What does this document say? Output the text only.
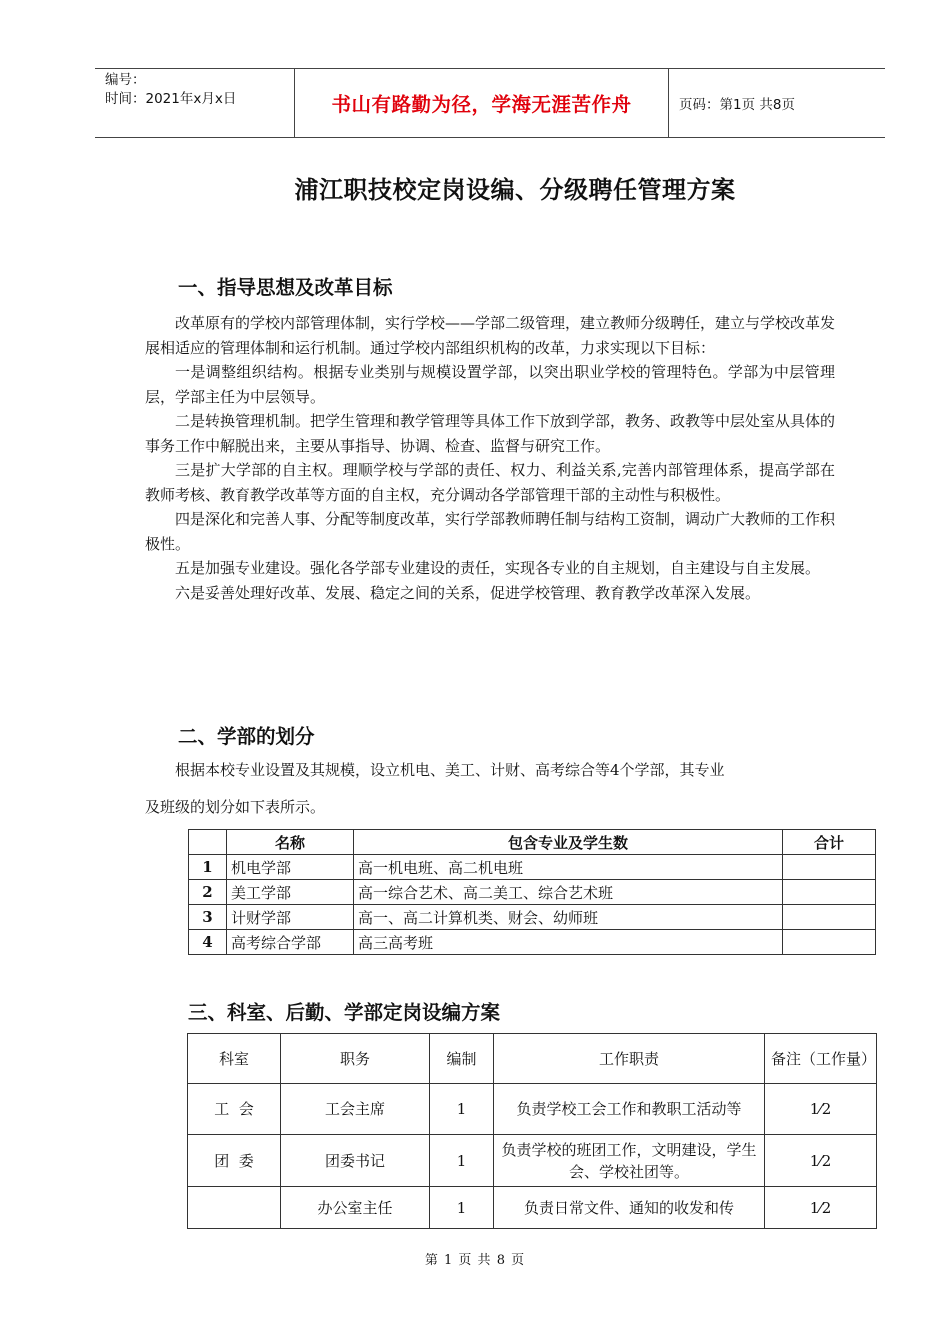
编号：
时间：2021年x月x日	书山有路勤为径，学海无涯苦作舟	页码：第1页 共8页
浦江职技校定岗设编、分级聘任管理方案
一、指导思想及改革目标

改革原有的学校内部管理体制，实行学校——学部二级管理，建立教师分级聘任，建立与学校改革发展相适应的管理体制和运行机制。通过学校内部组织机构的改革，力求实现以下目标：

一是调整组织结构。根据专业类别与规模设置学部，以突出职业学校的管理特色。学部为中层管理层，学部主任为中层领导。

二是转换管理机制。把学生管理和教学管理等具体工作下放到学部，教务、政教等中层处室从具体的事务工作中解脱出来，主要从事指导、协调、检查、监督与研究工作。

三是扩大学部的自主权。理顺学校与学部的责任、权力、利益关系,完善内部管理体系，提高学部在教师考核、教育教学改革等方面的自主权，充分调动各学部管理干部的主动性与积极性。

四是深化和完善人事、分配等制度改革，实行学部教师聘任制与结构工资制，调动广大教师的工作积极性。

五是加强专业建设。强化各学部专业建设的责任，实现各专业的自主规划，自主建设与自主发展。

六是妥善处理好改革、发展、稳定之间的关系，促进学校管理、教育教学改革深入发展。

二、学部的划分
根据本校专业设置及其规模，设立机电、美工、计财、高考综合等4个学部，其专业
及班级的划分如下表所示。
	名称	包含专业及学生数	合计
1	机电学部	高一机电班、高二机电班	
2	美工学部	高一综合艺术、高二美工、综合艺术班	
3	计财学部	高一、高二计算机类、财会、幼师班	
4	高考综合学部	高三高考班	
三、科室、后勤、学部定岗设编方案
科室	职务	编制	工作职责	备注（工作量）
工  会	工会主席	1	负责学校工会工作和教职工活动等	1⁄2
团  委	团委书记	1	负责学校的班团工作，文明建设，学生会、学校社团等。	1⁄2
	办公室主任	1	负责日常文件、通知的收发和传	1⁄2
第 1 页 共 8 页
